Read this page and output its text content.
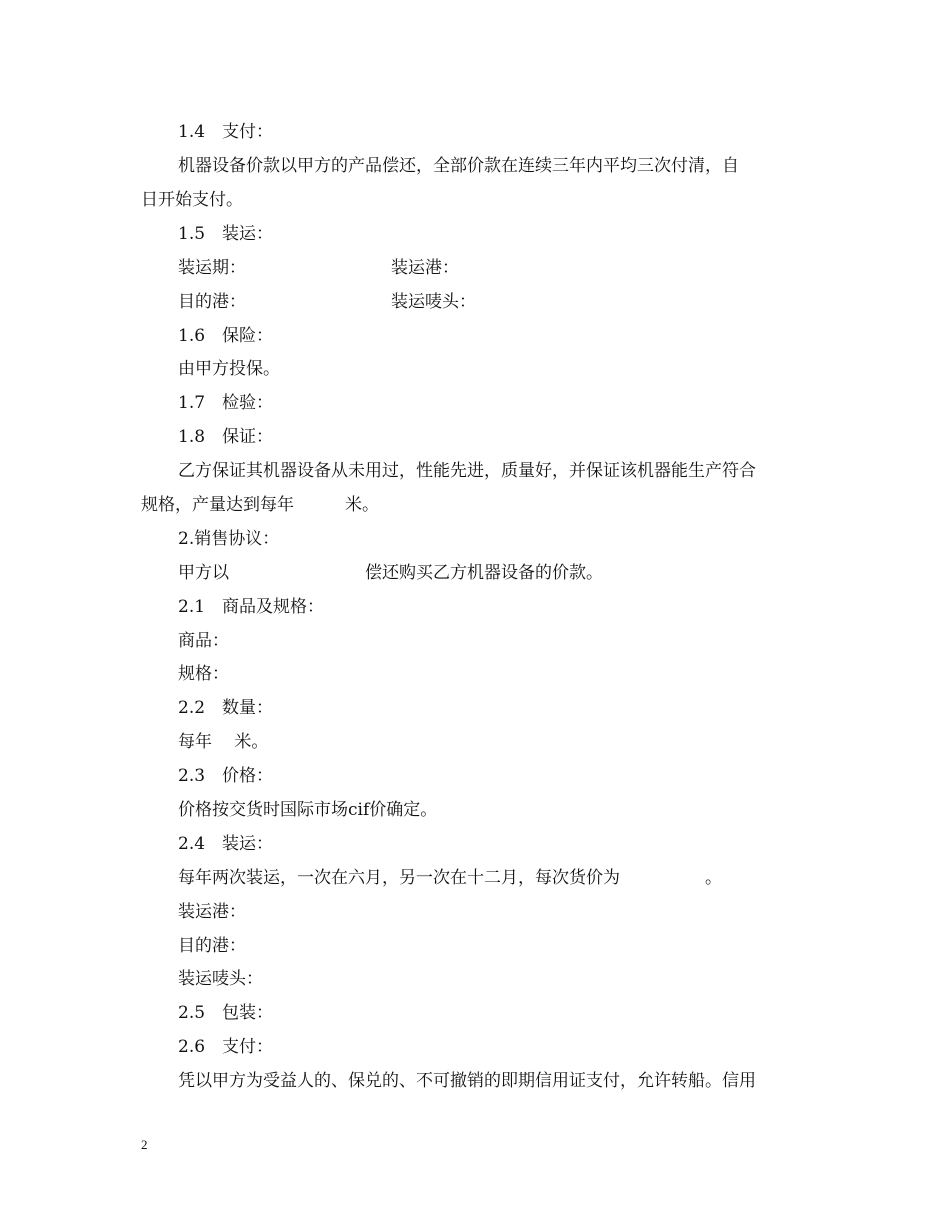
1.4　支付：
机器设备价款以甲方的产品偿还，全部价款在连续三年内平均三次付清，自
日开始支付。
1.5　装运：
装运期：	装运港：
目的港：	装运唛头：
1.6　保险：
由甲方投保。
1.7　检验：
1.8　保证：
乙方保证其机器设备从未用过，性能先进，质量好，并保证该机器能生产符合
规格，产量达到每年　　　米。
2.销售协议：
甲方以　　　　　　　　偿还购买乙方机器设备的价款。
2.1　商品及规格：
商品：
规格：
2.2　数量：
每年　 米。
2.3　价格：
价格按交货时国际市场cif价确定。
2.4　装运：
每年两次装运，一次在六月，另一次在十二月，每次货价为　　　　　。
装运港：
目的港：
装运唛头：
2.5　包装：
2.6　支付：
凭以甲方为受益人的、保兑的、不可撤销的即期信用证支付，允许转船。信用
2
